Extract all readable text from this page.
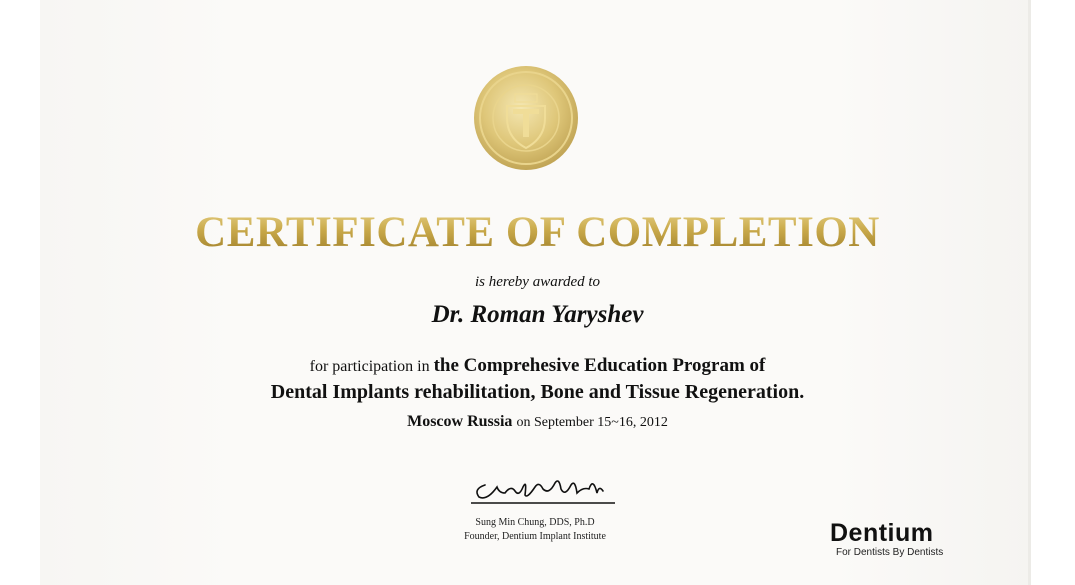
CERTIFICATE OF COMPLETION
is hereby awarded to
Dr. Roman Yaryshev
for participation in the Comprehesive Education Program of
Dental Implants rehabilitation, Bone and Tissue Regeneration.
Moscow Russia on September 15~16, 2012
Sung Min Chung, DDS, Ph.D
Founder, Dentium Implant Institute	Dentium
For Dentists By Dentists
